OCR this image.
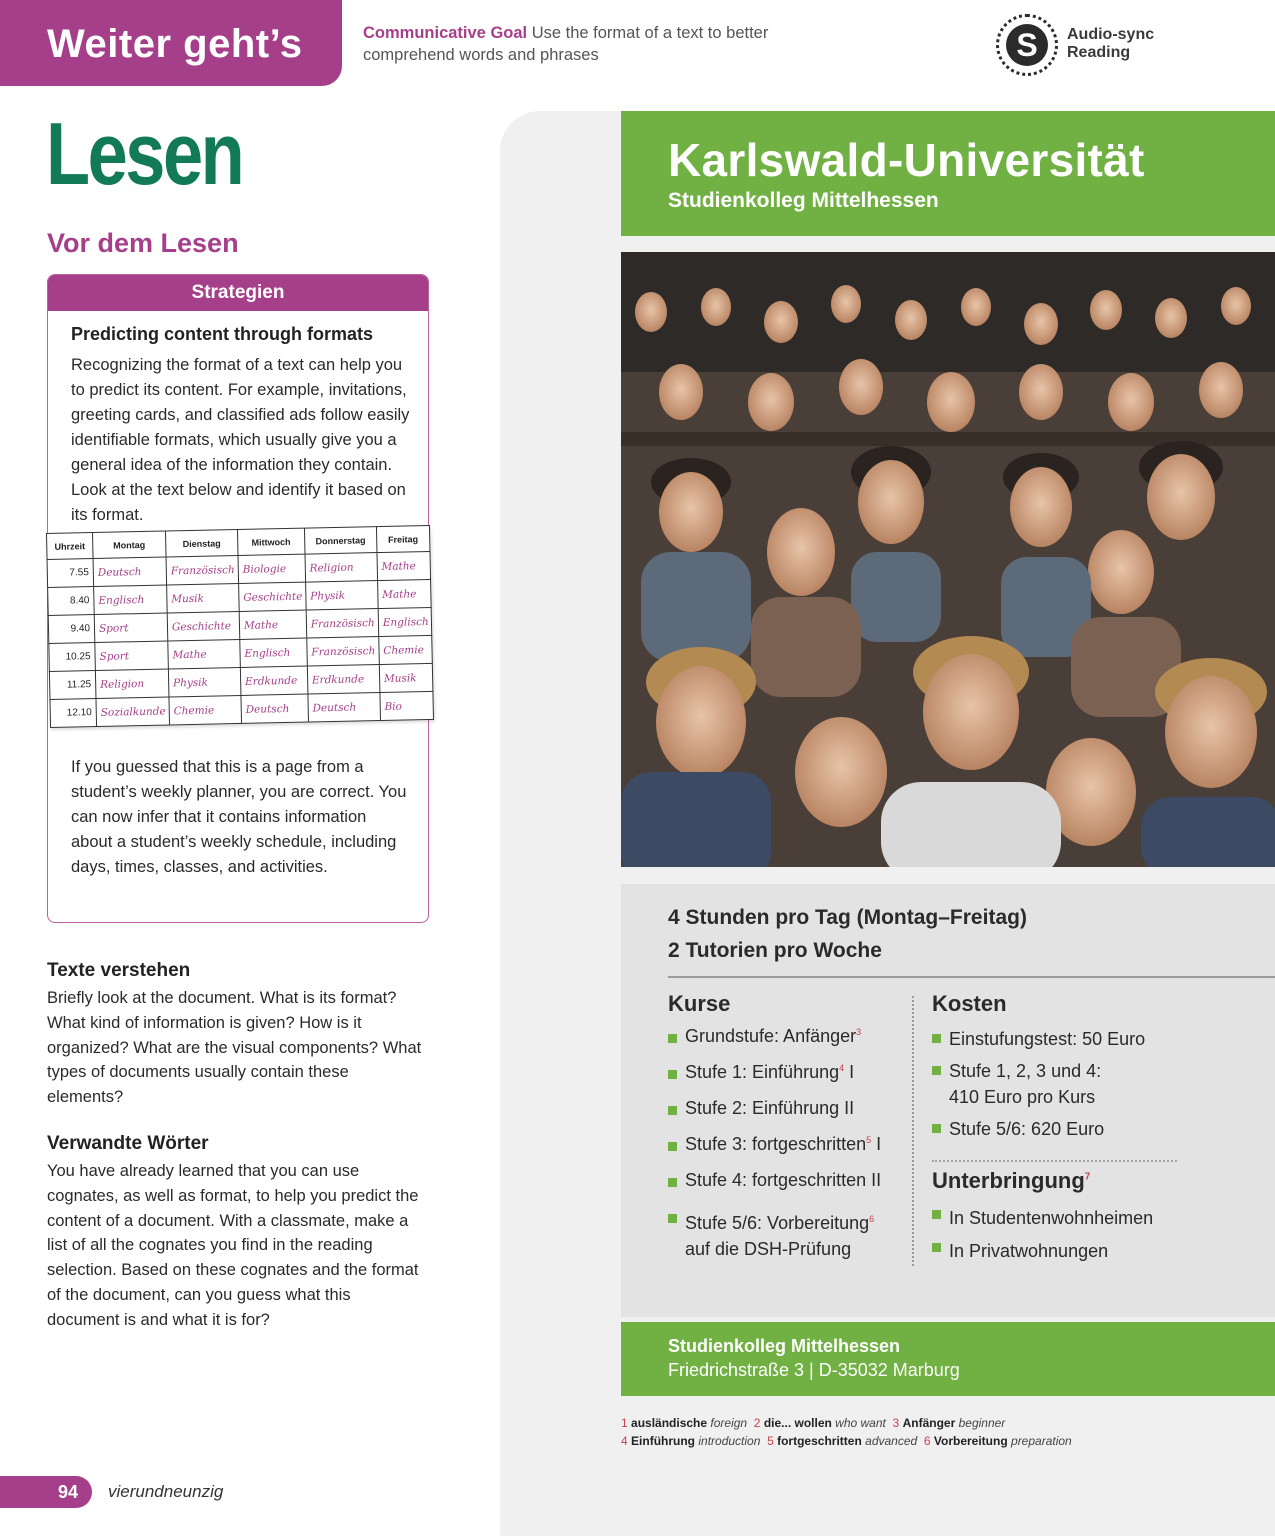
Weiter geht’s	Communicative Goal Use the format of a text to better comprehend words and phrases	S	Audio-sync
Reading
Lesen
Vor dem Lesen
Strategien
Predicting content through formats
Recognizing the format of a text can help you to predict its content. For example, invitations, greeting cards, and classified ads follow easily identifiable formats, which usually give you a general idea of the information they contain. Look at the text below and identify it based on its format.
If you guessed that this is a page from a student’s weekly planner, you are correct. You can now infer that it contains information about a student’s weekly schedule, including days, times, classes, and activities.
Uhrzeit	Montag	Dienstag	Mittwoch	Donnerstag	Freitag
7.55	Deutsch	Französisch	Biologie	Religion	Mathe
8.40	Englisch	Musik	Geschichte	Physik	Mathe
9.40	Sport	Geschichte	Mathe	Französisch	Englisch
10.25	Sport	Mathe	Englisch	Französisch	Chemie
11.25	Religion	Physik	Erdkunde	Erdkunde	Musik
12.10	Sozialkunde	Chemie	Deutsch	Deutsch	Bio
Texte verstehen
Briefly look at the document. What is its format? What kind of information is given? How is it organized? What are the visual components? What types of documents usually contain these elements?
Verwandte Wörter
You have already learned that you can use cognates, as well as format, to help you predict the content of a document. With a classmate, make a list of all the cognates you find in the reading selection. Based on these cognates and the format of the document, can you guess what this document is and what it is for?
94	vierundneunzig
Karlswald-Universität
Studienkolleg Mittelhessen
4 Stunden pro Tag (Montag–Freitag)
2 Tutorien pro Woche
Kurse
Grundstufe: Anfänger$^3$
Stufe 1: Einführung$^4$ I
Stufe 2: Einführung II
Stufe 3: fortgeschritten$^5$ I
Stufe 4: fortgeschritten II
Stufe 5/6: Vorbereitung$^6$ auf die DSH-Prüfung
Kosten
Einstufungstest: 50 Euro
Stufe 1, 2, 3 und 4: 410 Euro pro Kurs
Stufe 5/6: 620 Euro
Unterbringung$^7$
In Studentenwohnheimen
In Privatwohnungen
Studienkolleg Mittelhessen
Friedrichstraße 3 | D-35032 Marburg
1 ausländische foreign 2 die... wollen who want 3 Anfänger beginner
4 Einführung introduction 5 fortgeschritten advanced 6 Vorbereitung preparation
